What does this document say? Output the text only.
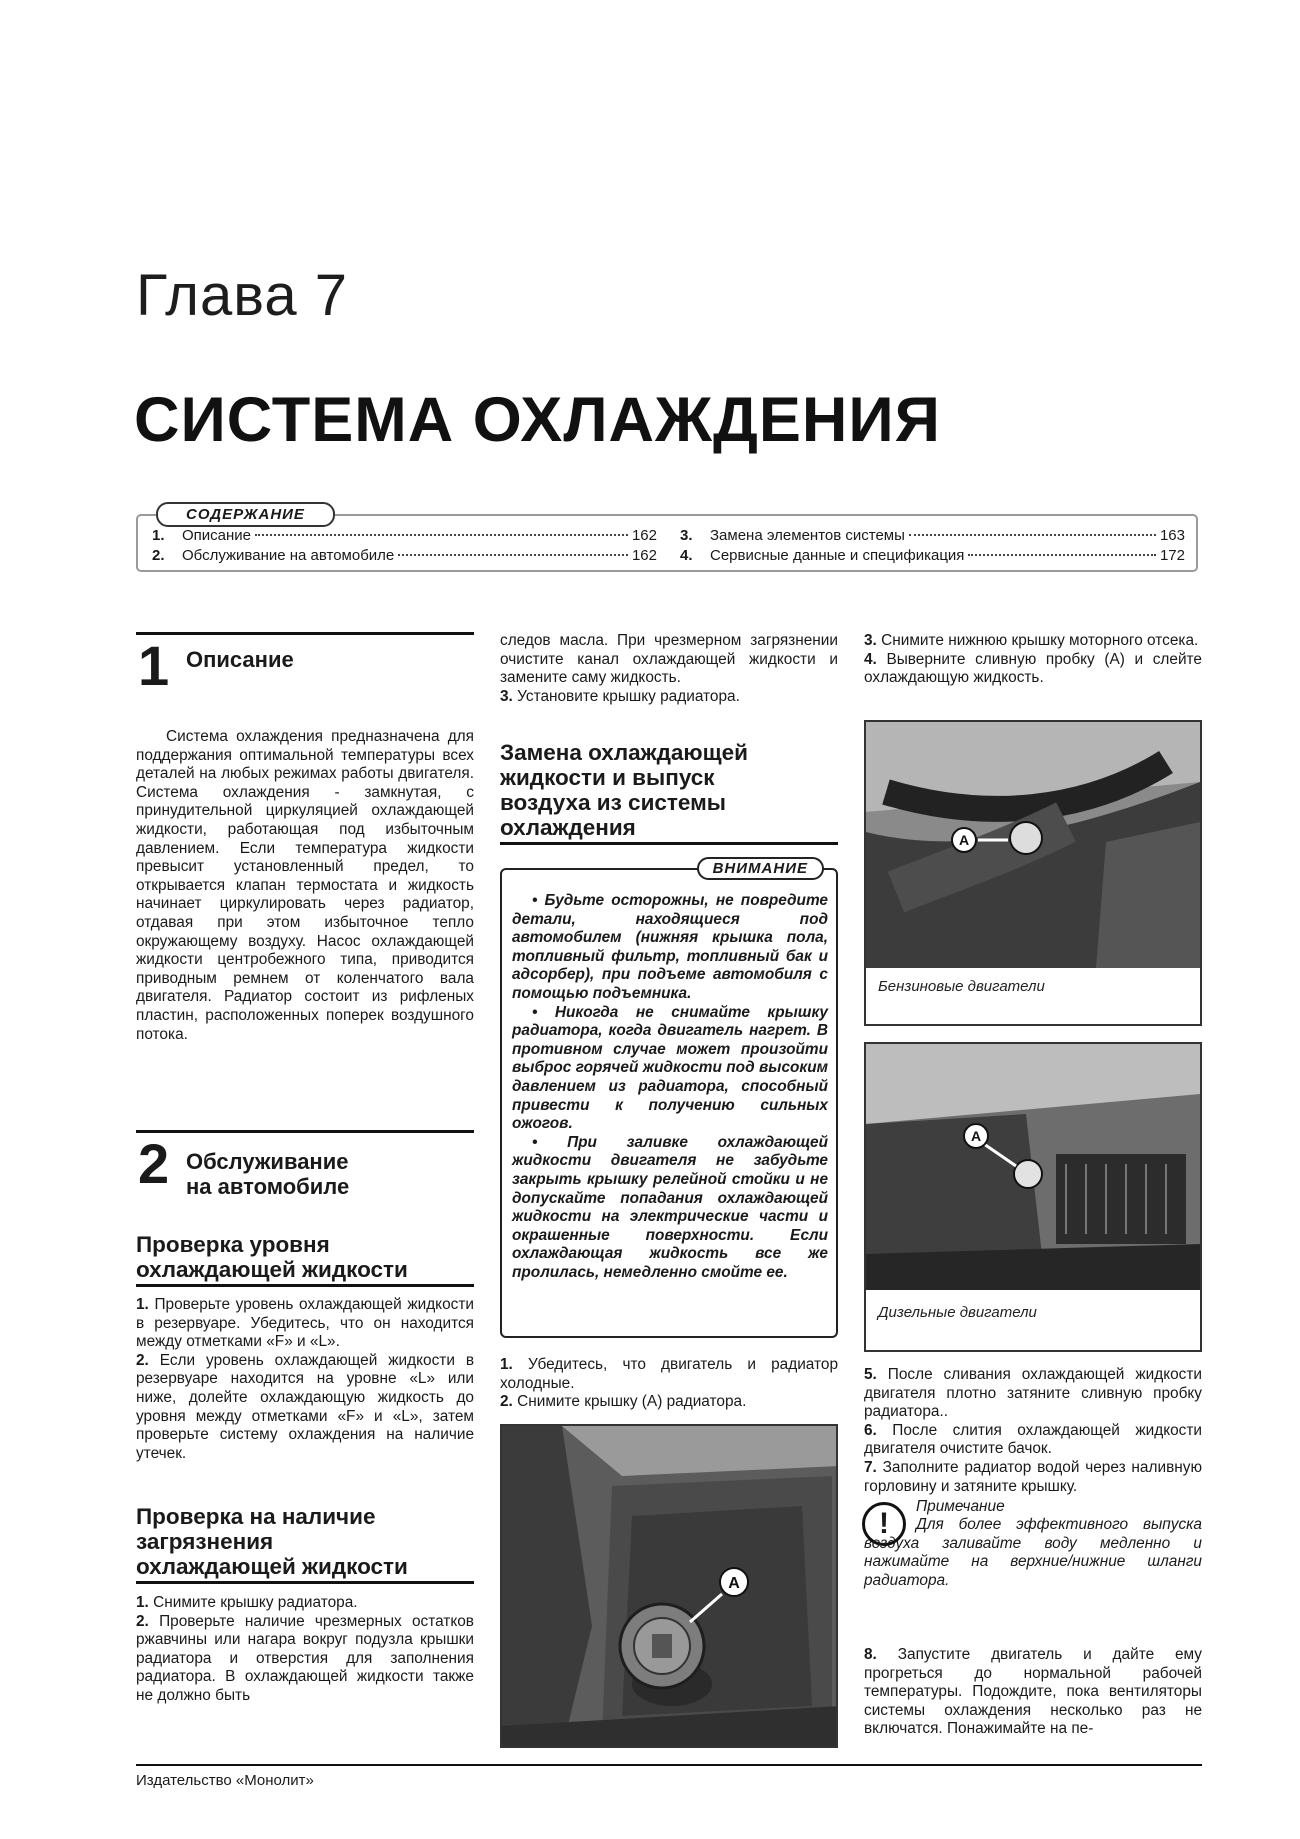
Глава 7
СИСТЕМА ОХЛАЖДЕНИЯ
СОДЕРЖАНИЕ
1.	Описание	162
2.	Обслуживание на автомобиле	162
3.	Замена элементов системы	163
4.	Сервисные данные и спецификация	172
1 Описание
Система охлаждения предназначена для поддержания оптимальной температуры всех деталей на любых режимах работы двигателя. Система охлаждения - замкнутая, с принудительной циркуляцией охлаждающей жидкости, работающая под избыточным давлением. Если температура жидкости превысит установленный предел, то открывается клапан термостата и жидкость начинает циркулировать через радиатор, отдавая при этом избыточное тепло окружающему воздуху. Насос охлаждающей жидкости центробежного типа, приводится приводным ремнем от коленчатого вала двигателя. Радиатор состоит из рифленых пластин, расположенных поперек воздушного потока.
2 Обслуживание
на автомобиле
Проверка уровня
охлаждающей жидкости
1. Проверьте уровень охлаждающей жидкости в резервуаре. Убедитесь, что он находится между отметками «F» и «L».
2. Если уровень охлаждающей жидкости в резервуаре находится на уровне «L» или ниже, долейте охлаждающую жидкость до уровня между отметками «F» и «L», затем проверьте систему охлаждения на наличие утечек.
Проверка на наличие
загрязнения
охлаждающей жидкости
1. Снимите крышку радиатора.
2. Проверьте наличие чрезмерных остатков ржавчины или нагара вокруг подузла крышки радиатора и отверстия для заполнения радиатора. В охлаждающей жидкости также не должно быть
следов масла. При чрезмерном загрязнении очистите канал охлаждающей жидкости и замените саму жидкость.
3. Установите крышку радиатора.
Замена охлаждающей
жидкости и выпуск
воздуха из системы
охлаждения
ВНИМАНИЕ

• Будьте осторожны, не повредите детали, находящиеся под автомобилем (нижняя крышка пола, топливный фильтр, топливный бак и адсорбер), при подъеме автомобиля с помощью подъемника.

• Никогда не снимайте крышку радиатора, когда двигатель нагрет. В противном случае может произойти выброс горячей жидкости под высоким давлением из радиатора, способный привести к получению сильных ожогов.

• При заливке охлаждающей жидкости двигателя не забудьте закрыть крышку релейной стойки и не допускайте попадания охлаждающей жидкости на электрические части и окрашенные поверхности. Если охлаждающая жидкость все же пролилась, немедленно смойте ее.

1. Убедитесь, что двигатель и радиатор холодные.
2. Снимите крышку (A) радиатора.
A
3. Снимите нижнюю крышку моторного отсека.
4. Выверните сливную пробку (A) и слейте охлаждающую жидкость.
A
Бензиновые двигатели
A
Дизельные двигатели
5. После сливания охлаждающей жидкости двигателя плотно затяните сливную пробку радиатора..
6. После слития охлаждающей жидкости двигателя очистите бачок.
7. Заполните радиатор водой через наливную горловину и затяните крышку.
!
Примечание
Для более эффективного выпуска воздуха заливайте воду медленно и нажимайте на верхние/нижние шланги радиатора.
8. Запустите двигатель и дайте ему прогреться до нормальной рабочей температуры. Подождите, пока вентиляторы системы охлаждения несколько раз не включатся. Понажимайте на пе-
Издательство «Монолит»
